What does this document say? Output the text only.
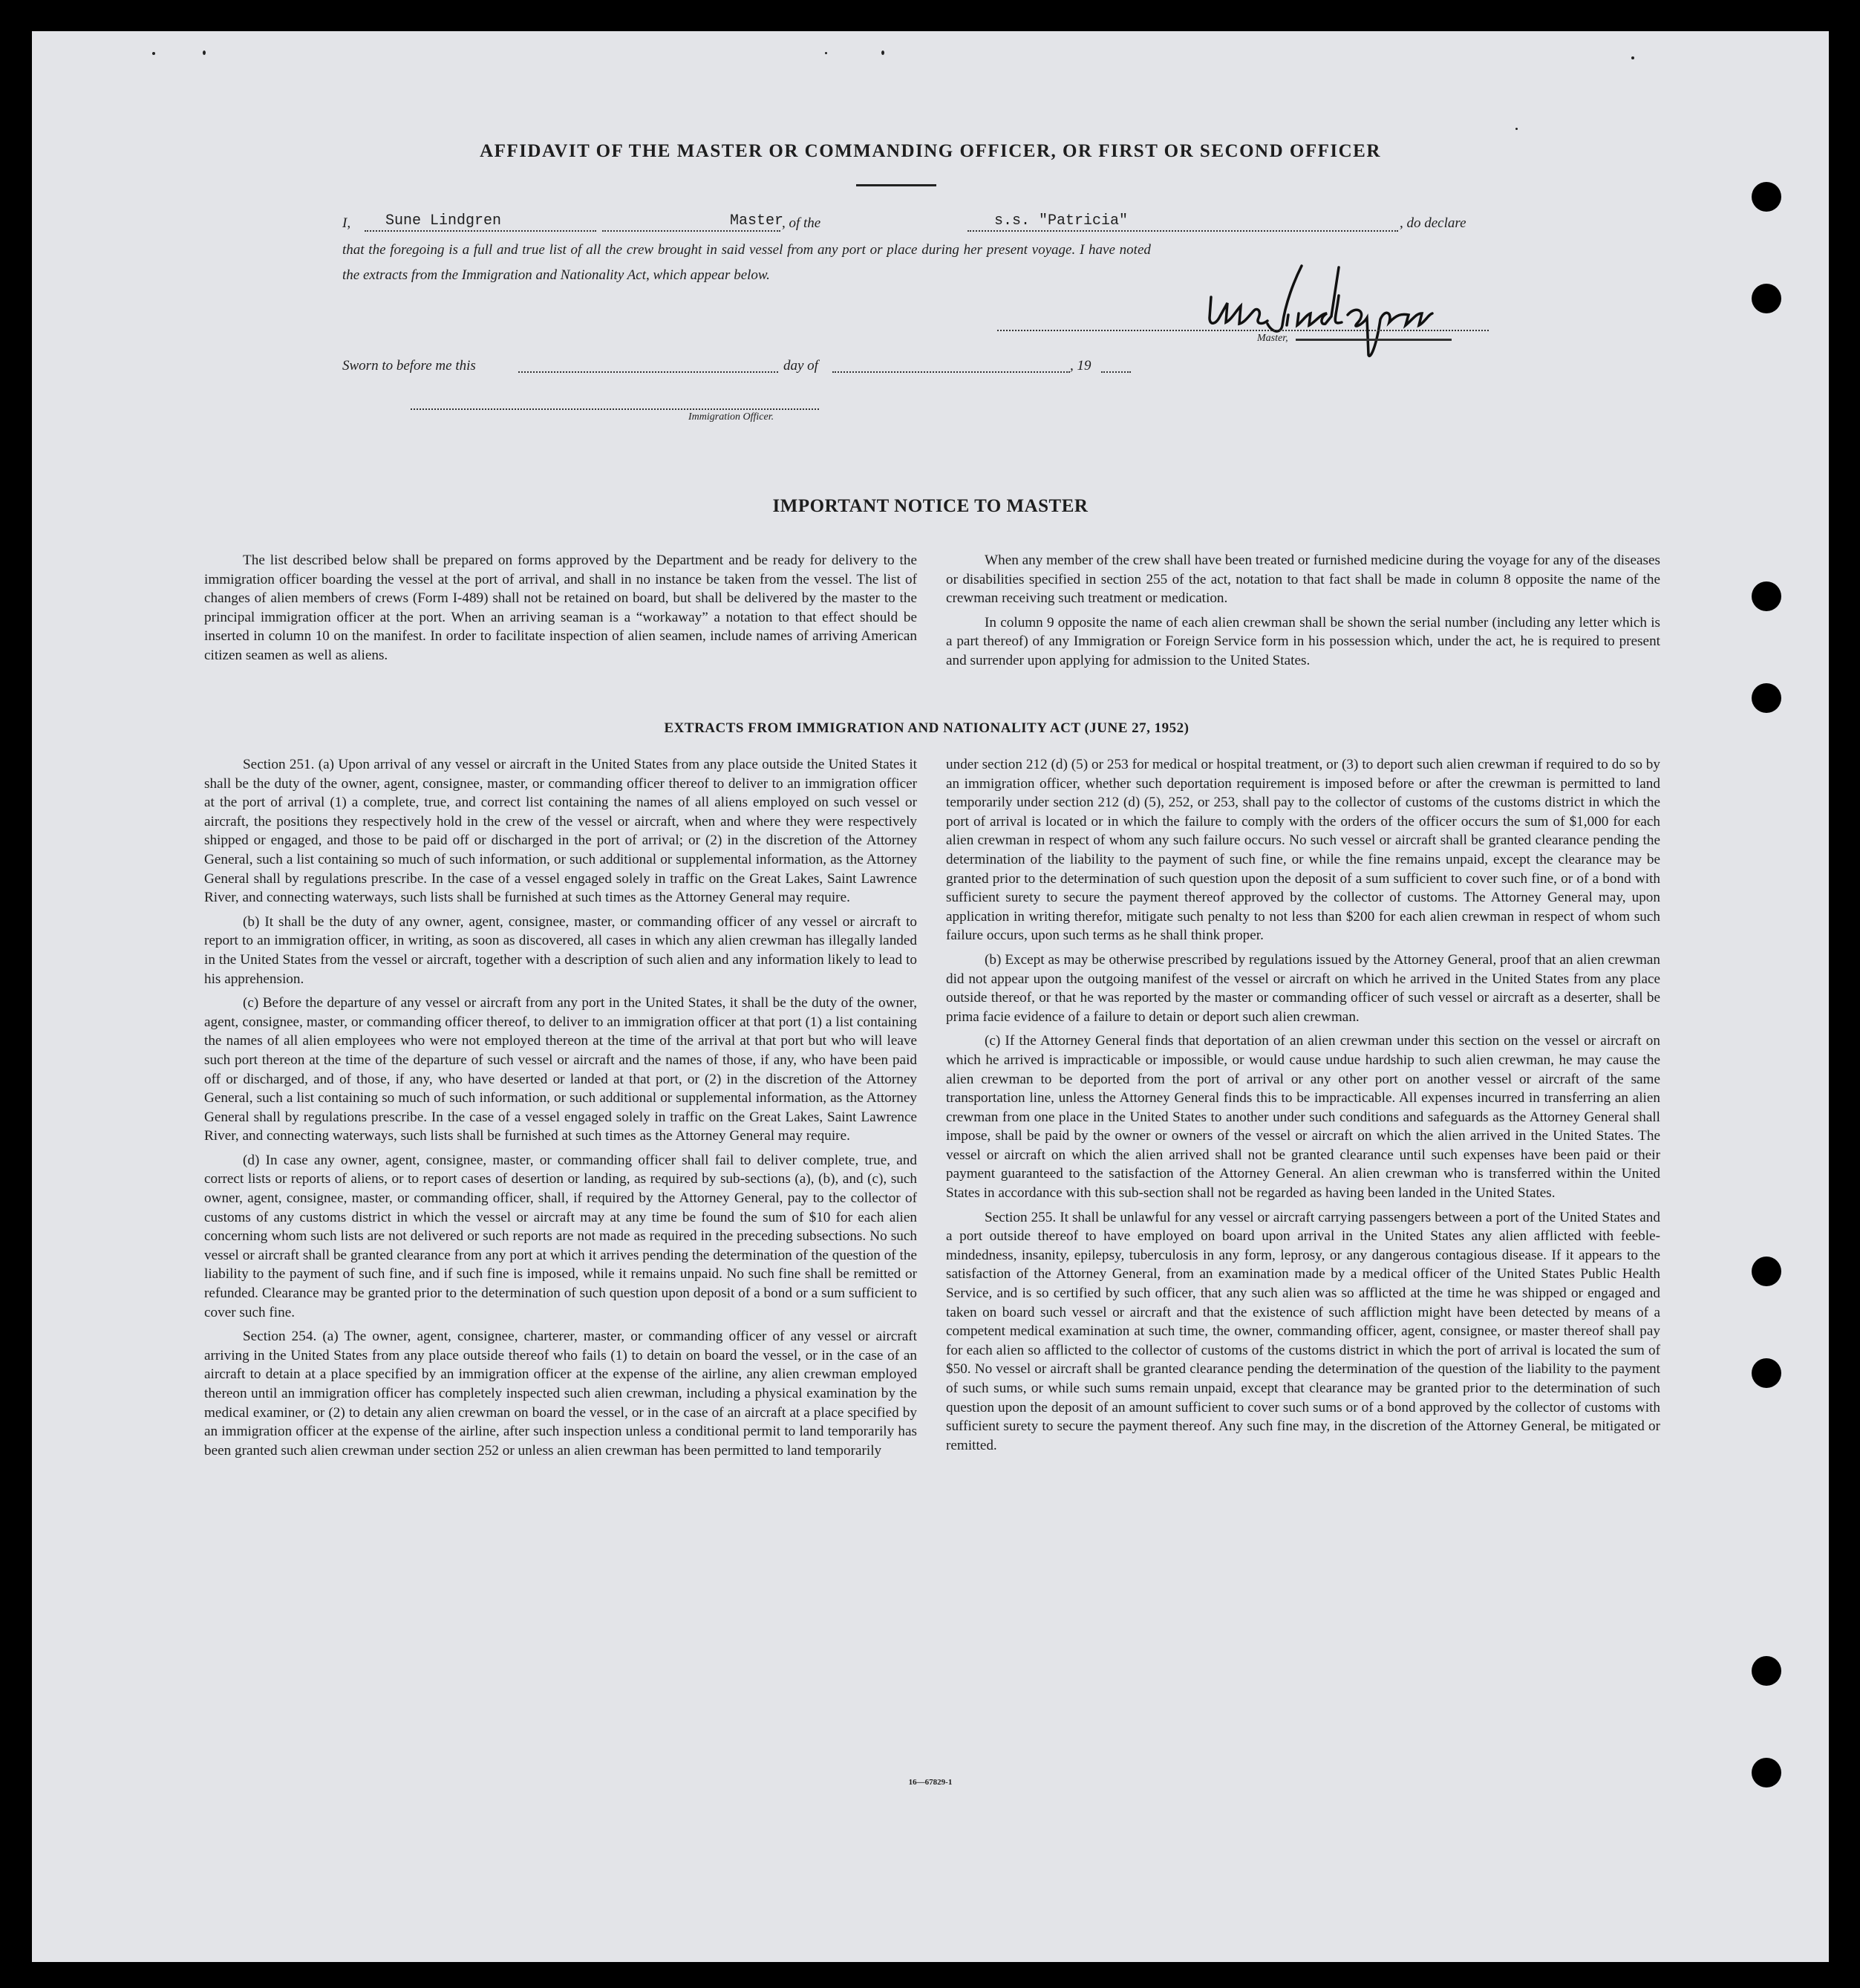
AFFIDAVIT OF THE MASTER OR COMMANDING OFFICER, OR FIRST OR SECOND OFFICER
I, Sune Lindgren	Master
, of the	s.s. "Patricia"	, do declare
that the foregoing is a full and true list of all the crew brought in said vessel from any port or place during her present voyage. I have noted
the extracts from the Immigration and Nationality Act, which appear below.
Master,
Sworn to before me this	day of	, 19
Immigration Officer.
IMPORTANT NOTICE TO MASTER

The list described below shall be prepared on forms approved by the Department and be ready for delivery to the immigration officer boarding the vessel at the port of arrival, and shall in no instance be taken from the vessel. The list of changes of alien members of crews (Form I-489) shall not be retained on board, but shall be delivered by the master to the principal immigration officer at the port. When an arriving seaman is a “workaway” a notation to that effect should be inserted in column 10 on the manifest. In order to facilitate inspection of alien seamen, include names of arriving American citizen seamen as well as aliens.

When any member of the crew shall have been treated or furnished medicine during the voyage for any of the diseases or disabilities specified in section 255 of the act, notation to that fact shall be made in column 8 opposite the name of the crewman receiving such treatment or medication.

In column 9 opposite the name of each alien crewman shall be shown the serial number (including any letter which is a part thereof) of any Immigration or Foreign Service form in his possession which, under the act, he is required to present and surrender upon applying for admission to the United States.

EXTRACTS FROM IMMIGRATION AND NATIONALITY ACT (JUNE 27, 1952)

Section 251. (a) Upon arrival of any vessel or aircraft in the United States from any place outside the United States it shall be the duty of the owner, agent, consignee, master, or commanding officer thereof to deliver to an immigration officer at the port of arrival (1) a complete, true, and correct list containing the names of all aliens employed on such vessel or aircraft, the positions they respectively hold in the crew of the vessel or aircraft, when and where they were respectively shipped or engaged, and those to be paid off or discharged in the port of arrival; or (2) in the discretion of the Attorney General, such a list containing so much of such information, or such additional or supplemental information, as the Attorney General shall by regulations prescribe. In the case of a vessel engaged solely in traffic on the Great Lakes, Saint Lawrence River, and connecting waterways, such lists shall be furnished at such times as the Attorney General may require.

(b) It shall be the duty of any owner, agent, consignee, master, or commanding officer of any vessel or aircraft to report to an immigration officer, in writing, as soon as discovered, all cases in which any alien crewman has illegally landed in the United States from the vessel or aircraft, together with a description of such alien and any information likely to lead to his apprehension.

(c) Before the departure of any vessel or aircraft from any port in the United States, it shall be the duty of the owner, agent, consignee, master, or commanding officer thereof, to deliver to an immigration officer at that port (1) a list containing the names of all alien employees who were not employed thereon at the time of the arrival at that port but who will leave such port thereon at the time of the departure of such vessel or aircraft and the names of those, if any, who have been paid off or discharged, and of those, if any, who have deserted or landed at that port, or (2) in the discretion of the Attorney General, such a list containing so much of such information, or such additional or supplemental information, as the Attorney General shall by regulations prescribe. In the case of a vessel engaged solely in traffic on the Great Lakes, Saint Lawrence River, and connecting waterways, such lists shall be furnished at such times as the Attorney General may require.

(d) In case any owner, agent, consignee, master, or commanding officer shall fail to deliver complete, true, and correct lists or reports of aliens, or to report cases of desertion or landing, as required by sub-sections (a), (b), and (c), such owner, agent, consignee, master, or commanding officer, shall, if required by the Attorney General, pay to the collector of customs of any customs district in which the vessel or aircraft may at any time be found the sum of $10 for each alien concerning whom such lists are not delivered or such reports are not made as required in the preceding subsections. No such vessel or aircraft shall be granted clearance from any port at which it arrives pending the determination of the question of the liability to the payment of such fine, and if such fine is imposed, while it remains unpaid. No such fine shall be remitted or refunded. Clearance may be granted prior to the determination of such question upon deposit of a bond or a sum sufficient to cover such fine.

Section 254. (a) The owner, agent, consignee, charterer, master, or commanding officer of any vessel or aircraft arriving in the United States from any place outside thereof who fails (1) to detain on board the vessel, or in the case of an aircraft to detain at a place specified by an immigration officer at the expense of the airline, any alien crewman employed thereon until an immigration officer has completely inspected such alien crewman, including a physical examination by the medical examiner, or (2) to detain any alien crewman on board the vessel, or in the case of an aircraft at a place specified by an immigration officer at the expense of the airline, after such inspection unless a conditional permit to land temporarily has been granted such alien crewman under section 252 or unless an alien crewman has been permitted to land temporarily

under section 212 (d) (5) or 253 for medical or hospital treatment, or (3) to deport such alien crewman if required to do so by an immigration officer, whether such deportation requirement is imposed before or after the crewman is permitted to land temporarily under section 212 (d) (5), 252, or 253, shall pay to the collector of customs of the customs district in which the port of arrival is located or in which the failure to comply with the orders of the officer occurs the sum of $1,000 for each alien crewman in respect of whom any such failure occurs. No such vessel or aircraft shall be granted clearance pending the determination of the liability to the payment of such fine, or while the fine remains unpaid, except the clearance may be granted prior to the determination of such question upon the deposit of a sum sufficient to cover such fine, or of a bond with sufficient surety to secure the payment thereof approved by the collector of customs. The Attorney General may, upon application in writing therefor, mitigate such penalty to not less than $200 for each alien crewman in respect of whom such failure occurs, upon such terms as he shall think proper.

(b) Except as may be otherwise prescribed by regulations issued by the Attorney General, proof that an alien crewman did not appear upon the outgoing manifest of the vessel or aircraft on which he arrived in the United States from any place outside thereof, or that he was reported by the master or commanding officer of such vessel or aircraft as a deserter, shall be prima facie evidence of a failure to detain or deport such alien crewman.

(c) If the Attorney General finds that deportation of an alien crewman under this section on the vessel or aircraft on which he arrived is impracticable or impossible, or would cause undue hardship to such alien crewman, he may cause the alien crewman to be deported from the port of arrival or any other port on another vessel or aircraft of the same transportation line, unless the Attorney General finds this to be impracticable. All expenses incurred in transferring an alien crewman from one place in the United States to another under such conditions and safeguards as the Attorney General shall impose, shall be paid by the owner or owners of the vessel or aircraft on which the alien arrived in the United States. The vessel or aircraft on which the alien arrived shall not be granted clearance until such expenses have been paid or their payment guaranteed to the satisfaction of the Attorney General. An alien crewman who is transferred within the United States in accordance with this sub-section shall not be regarded as having been landed in the United States.

Section 255. It shall be unlawful for any vessel or aircraft carrying passengers between a port of the United States and a port outside thereof to have employed on board upon arrival in the United States any alien afflicted with feeble-mindedness, insanity, epilepsy, tuberculosis in any form, leprosy, or any dangerous contagious disease. If it appears to the satisfaction of the Attorney General, from an examination made by a medical officer of the United States Public Health Service, and is so certified by such officer, that any such alien was so afflicted at the time he was shipped or engaged and taken on board such vessel or aircraft and that the existence of such affliction might have been detected by means of a competent medical examination at such time, the owner, commanding officer, agent, consignee, or master thereof shall pay for each alien so afflicted to the collector of customs of the customs district in which the port of arrival is located the sum of $50. No vessel or aircraft shall be granted clearance pending the determination of the question of the liability to the payment of such sums, or while such sums remain unpaid, except that clearance may be granted prior to the determination of such question upon the deposit of an amount sufficient to cover such sums or of a bond approved by the collector of customs with sufficient surety to secure the payment thereof. Any such fine may, in the discretion of the Attorney General, be mitigated or remitted.

16—67829-1
